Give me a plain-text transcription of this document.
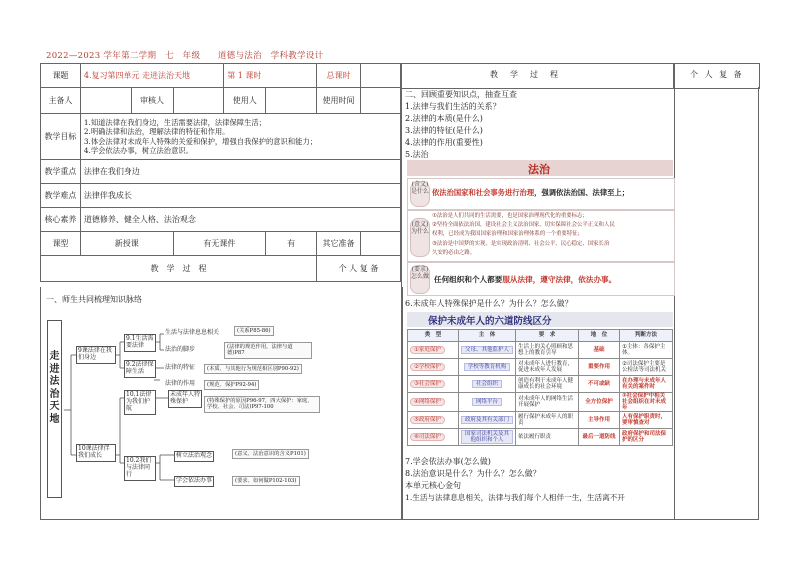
2022—2023 学年第二学期　七　年级　　道德与法治　学科教学设计
课题	4.复习第四单元 走进法治天地			第 1 课时		总课时	
主备人		审核人		使用人		使用时间	
教学目标	1.知道法律在我们身边，生活需要法律，法律保障生活；
2.明确法律和法治，理解法律的特征和作用。
3.体会法律对未成年人特殊的关爱和保护，增强自我保护的意识和能力；
4.学会依法办事，树立法治意识。						

教学重点	法律在我们身边						
教学难点	法律伴我成长						
核心素养	道德修养、健全人格、法治观念						
课型	新授课		有无课件		有	其它准备	
教　学　过　程						个 人 复 备	
一、师生共同梳理知识脉络
走进法治天地
9课法律在我们身边
10课法律伴我们成长
9.1生活需要法律
9.2法律保障生活
10.1法律为我们护航
10.2我们与法律同行
生活与法律息息相关
法治的脚步
法律的特征
法律的作用
未成年人特殊保护
树立法治观念
学会依法办事
(关系P85-86)
(法律的规范作用，法律与道德)P87
(本质、与其他行为规范相区别P90-92)
(规范、保护P92-94)
(特殊保护的原因P96-97，四大保护：家庭、学校、社会、司法)P97-100
(意义、法治意识的含义P101)
(要求、如何做P102-103)
教　学　过　程	个 人 复 备
二、回顾重要知识点，抽查互查
1.法律与我们生活的关系？
2.法律的本质(是什么)
3.法律的特征(是什么)
4.法律的作用(重要性)
5.法治
法治
(含义)是什么 依法治国家和社会事务进行治理，强调依法治国、法律至上；
(意义)为什么
①法治是人们共同的生活需要，也是国家治理现代化的重要标志；
②坚持全面依法治国，建设社会主义法治国家，切实保障社会公平正义和人民
权利，已经成为我国国家治理和国家治理体系的一个重要特征；
③法治是中国梦的实现，是实现政治清明、社会公平、民心稳定、国家长治
久安的必由之路。
(要求)怎么做 任何组织和个人都要服从法律，遵守法律，依法办事。
6.未成年人特殊保护是什么？为什么？怎么做？
保护未成年人的六道防线区分
类　型	主　体	要　求	地　位	判断方法
①家庭保护	父母、其他监护人	生活上的关心照顾和思想上的教育引导	基础	①主体：各保护主体。
②学校保护	学校等教育机构	对未成年人进行教育，促进未成年人发展	重要作用	②司法保护主要是公检法等司法机关
③社会保护	社会组织	创造有利于未成年人健康成长的社会环境	不可或缺	在办理与未成年人有关的案件时
④网络保护	网络平台	对未成年人的网络生活开展保护	全方位保护	③社会保护中相关社会组织在对未成年
⑤政府保护	政府及其有关部门	履行保护未成年人的职责	主导作用	人有保护职责时，要审慎查对
⑥司法保护	国家司法机关及其他组织和个人	依法履行职责	最后一道防线	政府保护和司法保护的区分
7.学会依法办事(怎么做)
8.法治意识是什么？为什么？怎么做？
本单元核心金句
1.生活与法律息息相关，法律与我们每个人相伴一生，生活离不开
